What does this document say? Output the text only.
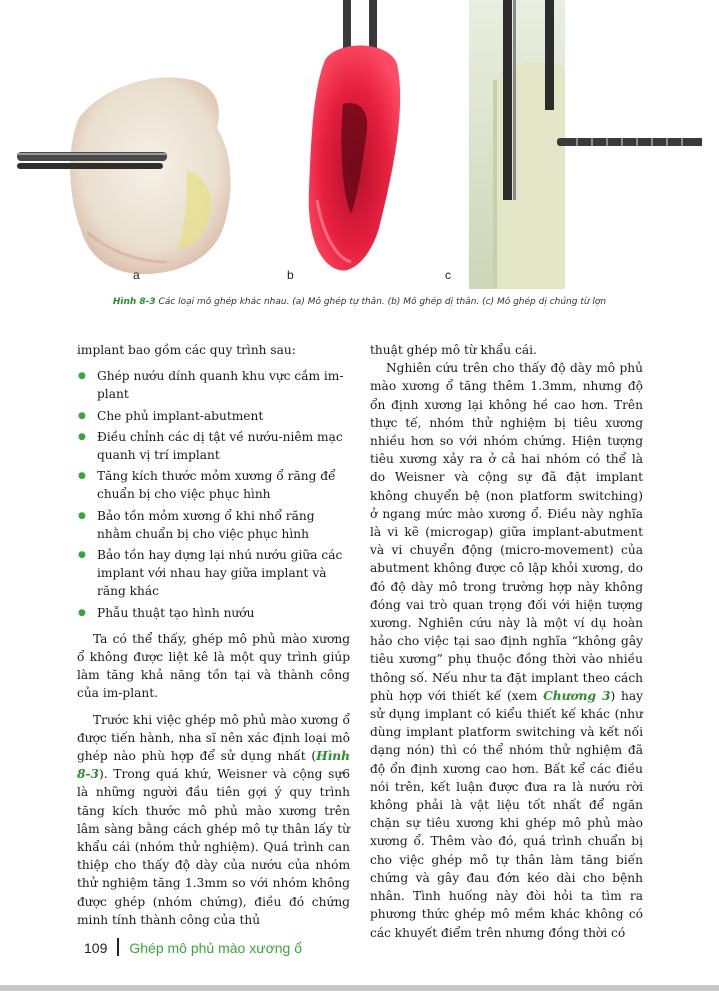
a	b	c
Hình 8-3 Các loại mô ghép khác nhau. (a) Mô ghép tự thân. (b) Mô ghép dị thân. (c) Mô ghép dị chủng từ lợn

implant bao gồm các quy trình sau:

● Ghép nướu dính quanh khu vực cắm im-plant
● Che phủ implant-abutment
● Điều chỉnh các dị tật về nướu-niêm mạc quanh vị trí implant
● Tăng kích thước mỏm xương ổ răng để chuẩn bị cho việc phục hình
● Bảo tồn mỏm xương ổ khi nhổ răng nhằm chuẩn bị cho việc phục hình
● Bảo tồn hay dựng lại nhú nướu giữa các implant với nhau hay giữa implant và răng khác
● Phẫu thuật tạo hình nướu

Ta có thể thấy, ghép mô phủ mào xương ổ không được liệt kê là một quy trình giúp làm tăng khả năng tồn tại và thành công của im-plant.

Trước khi việc ghép mô phủ mào xương ổ được tiến hành, nha sĩ nên xác định loại mô ghép nào phù hợp để sử dụng nhất (Hình 8-3). Trong quá khứ, Weisner và cộng sự6 là những người đầu tiên gợi ý quy trình tăng kích thước mô phủ mào xương trên lâm sàng bằng cách ghép mô tự thân lấy từ khẩu cái (nhóm thử nghiệm). Quá trình can thiệp cho thấy độ dày của nướu của nhóm thử nghiệm tăng 1.3mm so với nhóm không được ghép (nhóm chứng), điều đó chứng minh tính thành công của thủ

thuật ghép mô từ khẩu cái.

Nghiên cứu trên cho thấy độ dày mô phủ mào xương ổ tăng thêm 1.3mm, nhưng độ ổn định xương lại không hề cao hơn. Trên thực tế, nhóm thử nghiệm bị tiêu xương nhiều hơn so với nhóm chứng. Hiện tượng tiêu xương xảy ra ở cả hai nhóm có thể là do Weisner và cộng sự đã đặt implant không chuyển bệ (non platform switching) ở ngang mức mào xương ổ. Điều này nghĩa là vi kẽ (microgap) giữa implant-abutment và vi chuyển động (micro-movement) của abutment không được cô lập khỏi xương, do đó độ dày mô trong trường hợp này không đóng vai trò quan trọng đối với hiện tượng xương. Nghiên cứu này là một ví dụ hoàn hảo cho việc tại sao định nghĩa “không gây tiêu xương” phụ thuộc đồng thời vào nhiều thông số. Nếu như ta đặt implant theo cách phù hợp với thiết kế (xem Chương 3) hay sử dụng implant có kiểu thiết kế khác (như dùng implant platform switching và kết nối dạng nón) thì có thể nhóm thử nghiệm đã độ ổn định xương cao hơn. Bất kể các điều nói trên, kết luận được đưa ra là nướu rời không phải là vật liệu tốt nhất để ngăn chặn sự tiêu xương khi ghép mô phủ mào xương ổ. Thêm vào đó, quá trình chuẩn bị cho việc ghép mô tự thân làm tăng biến chứng và gây đau đớn kéo dài cho bệnh nhân. Tình huống này đòi hỏi ta tìm ra phương thức ghép mô mềm khác không có các khuyết điểm trên nhưng đồng thời có

109 Ghép mô phủ mào xương ổ
